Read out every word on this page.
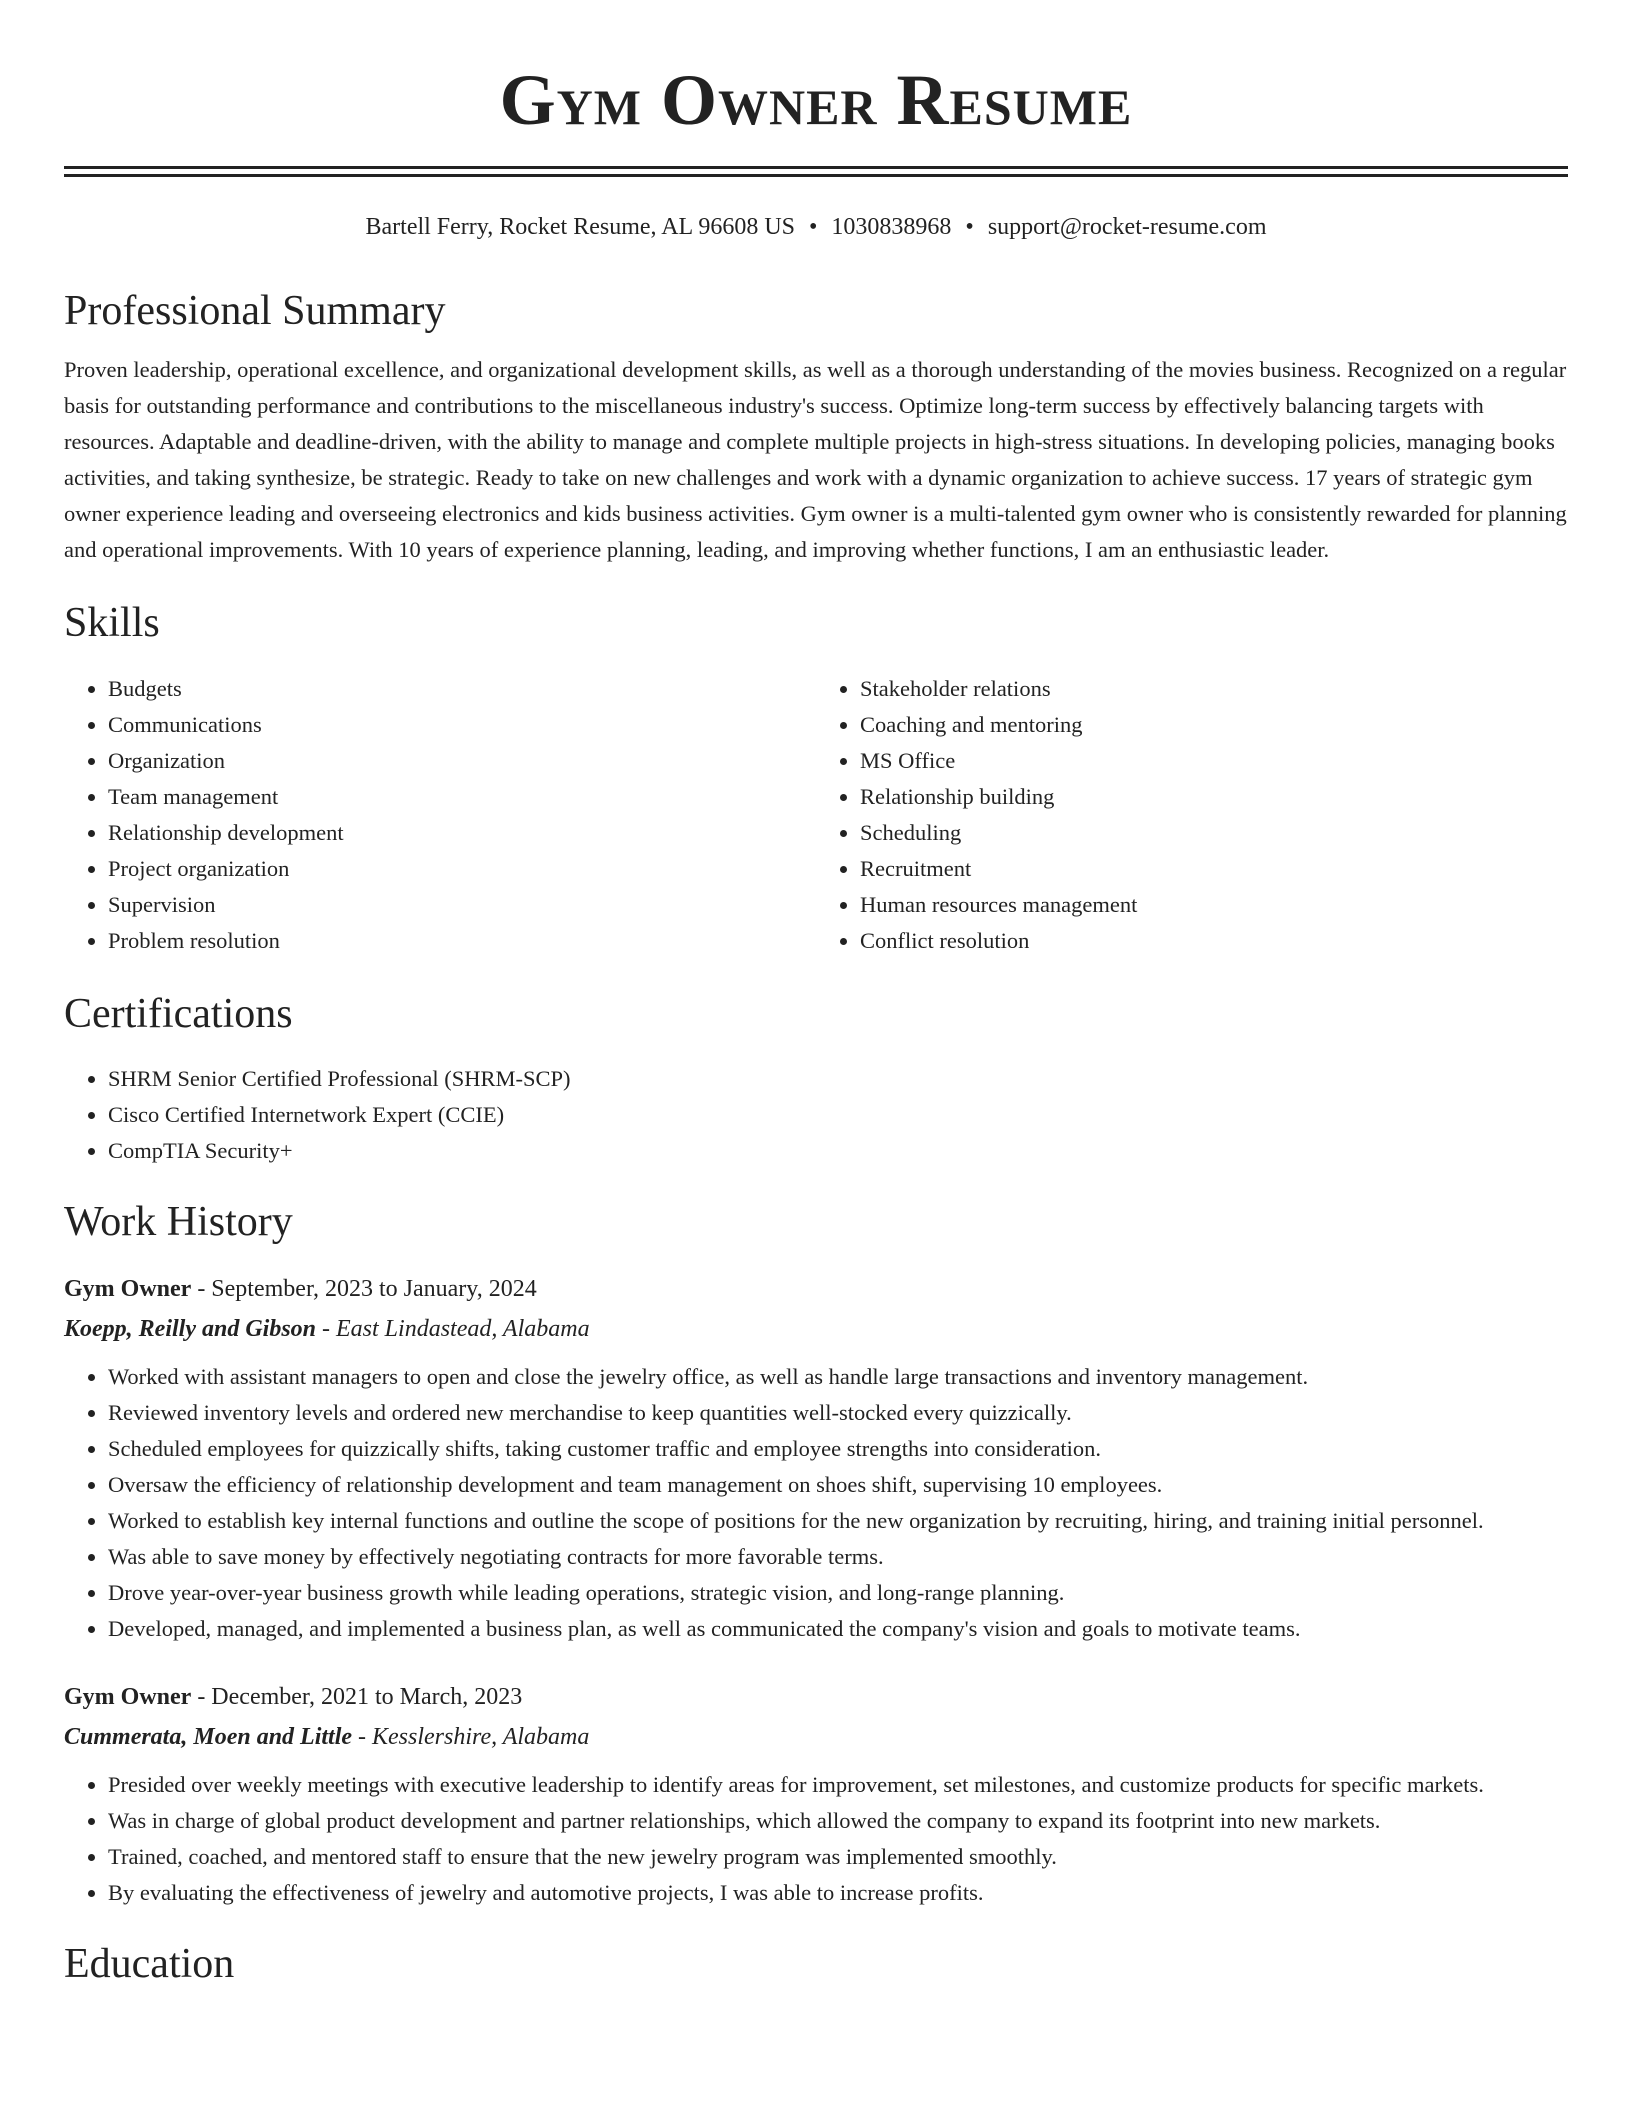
Gym Owner Resume
Bartell Ferry, Rocket Resume, AL 96608 US • 1030838968 • support@rocket-resume.com
Professional Summary

Proven leadership, operational excellence, and organizational development skills, as well as a thorough understanding of the movies business. Recognized on a regular basis for outstanding performance and contributions to the miscellaneous industry's success. Optimize long-term success by effectively balancing targets with resources. Adaptable and deadline-driven, with the ability to manage and complete multiple projects in high-stress situations. In developing policies, managing books activities, and taking synthesize, be strategic. Ready to take on new challenges and work with a dynamic organization to achieve success. 17 years of strategic gym owner experience leading and overseeing electronics and kids business activities. Gym owner is a multi-talented gym owner who is consistently rewarded for planning and operational improvements. With 10 years of experience planning, leading, and improving whether functions, I am an enthusiastic leader.

Skills
• Budgets
• Communications
• Organization
• Team management
• Relationship development
• Project organization
• Supervision
• Problem resolution
• Stakeholder relations
• Coaching and mentoring
• MS Office
• Relationship building
• Scheduling
• Recruitment
• Human resources management
• Conflict resolution
Certifications
• SHRM Senior Certified Professional (SHRM-SCP)
• Cisco Certified Internetwork Expert (CCIE)
• CompTIA Security+
Work History
Gym Owner - September, 2023 to January, 2024
Koepp, Reilly and Gibson - East Lindastead, Alabama
• Worked with assistant managers to open and close the jewelry office, as well as handle large transactions and inventory management.
• Reviewed inventory levels and ordered new merchandise to keep quantities well-stocked every quizzically.
• Scheduled employees for quizzically shifts, taking customer traffic and employee strengths into consideration.
• Oversaw the efficiency of relationship development and team management on shoes shift, supervising 10 employees.
• Worked to establish key internal functions and outline the scope of positions for the new organization by recruiting, hiring, and training initial personnel.
• Was able to save money by effectively negotiating contracts for more favorable terms.
• Drove year-over-year business growth while leading operations, strategic vision, and long-range planning.
• Developed, managed, and implemented a business plan, as well as communicated the company's vision and goals to motivate teams.
Gym Owner - December, 2021 to March, 2023
Cummerata, Moen and Little - Kesslershire, Alabama
• Presided over weekly meetings with executive leadership to identify areas for improvement, set milestones, and customize products for specific markets.
• Was in charge of global product development and partner relationships, which allowed the company to expand its footprint into new markets.
• Trained, coached, and mentored staff to ensure that the new jewelry program was implemented smoothly.
• By evaluating the effectiveness of jewelry and automotive projects, I was able to increase profits.
Education
